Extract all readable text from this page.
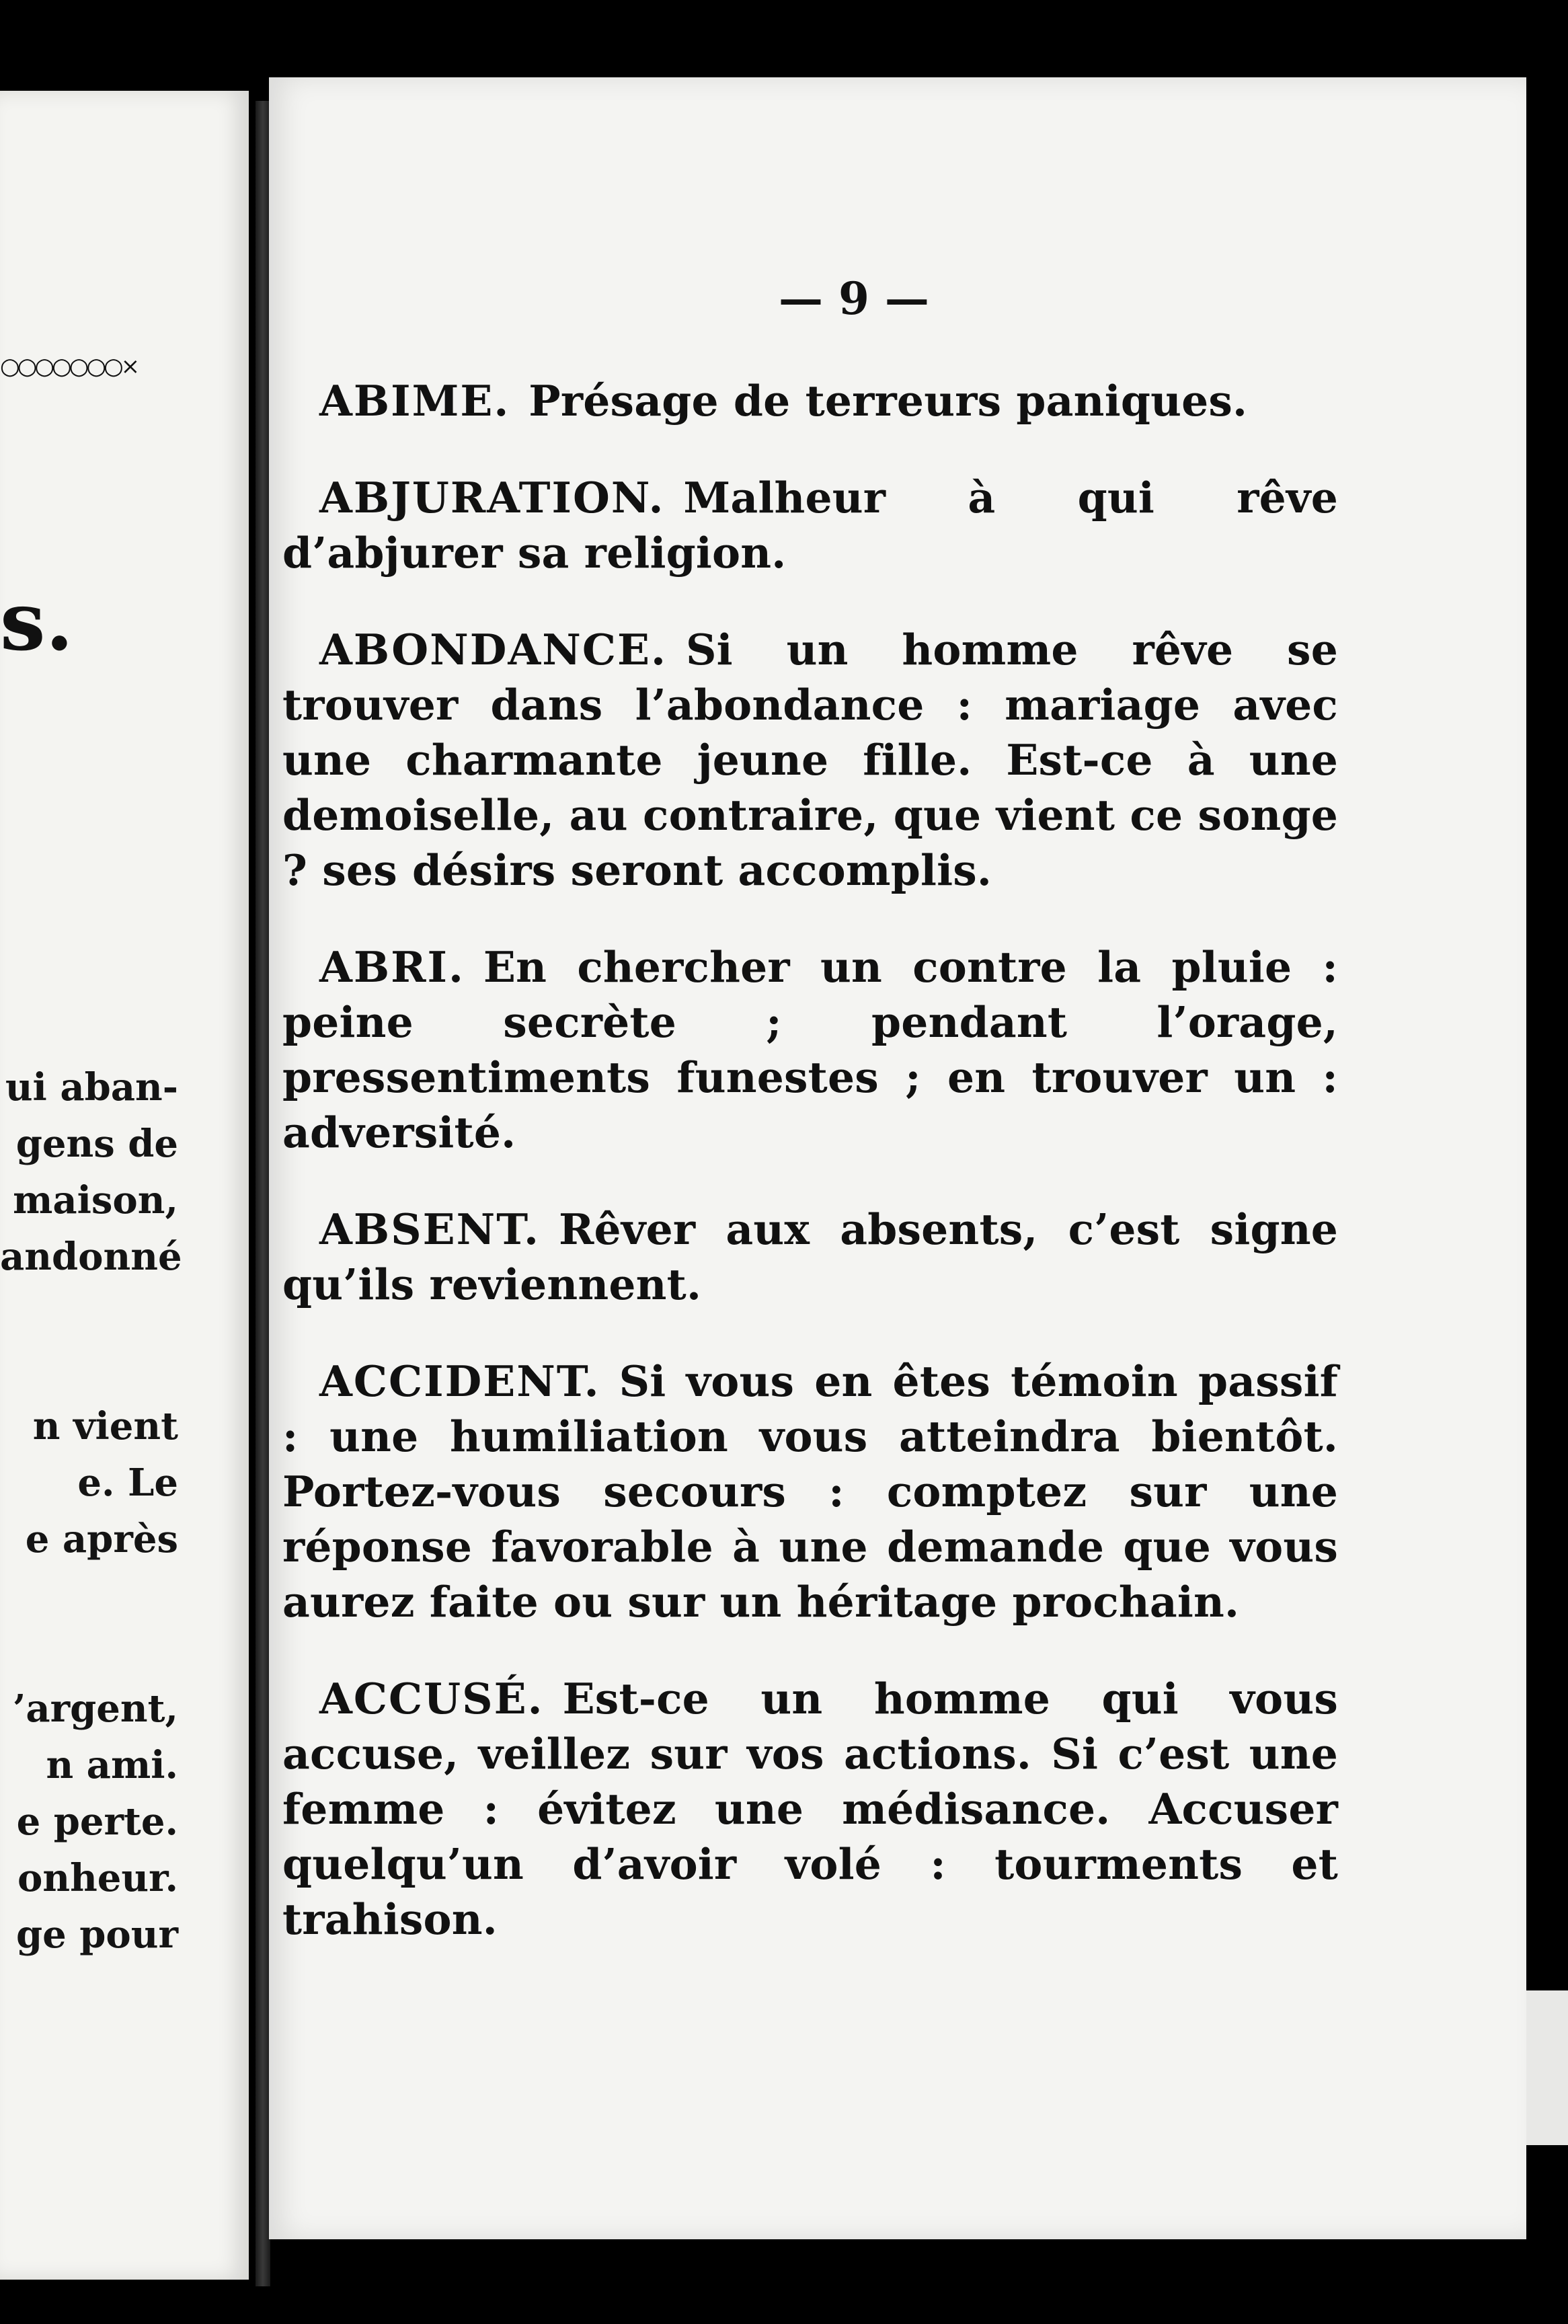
○○○○○○○×
s.
ui aban-
gens de
maison,
andonné
n vient
e. Le
e après
’argent,
n ami.
e perte.
onheur.
ge pour
— 9 —

ABIME. Présage de terreurs paniques.

ABJURATION. Malheur à qui rêve d’abjurer sa religion.

ABONDANCE. Si un homme rêve se trouver dans l’abondance : mariage avec une charmante jeune fille. Est-ce à une demoiselle, au contraire, que vient ce songe ? ses désirs seront accomplis.

ABRI. En chercher un contre la pluie : peine secrète ; pendant l’orage, pressentiments funestes ; en trouver un : adversité.

ABSENT. Rêver aux absents, c’est signe qu’ils reviennent.

ACCIDENT. Si vous en êtes témoin passif : une humiliation vous atteindra bientôt. Portez-vous secours : comptez sur une réponse favorable à une demande que vous aurez faite ou sur un héritage prochain.

ACCUSÉ. Est-ce un homme qui vous accuse, veillez sur vos actions. Si c’est une femme : évitez une médisance. Accuser quelqu’un d’avoir volé : tourments et trahison.
